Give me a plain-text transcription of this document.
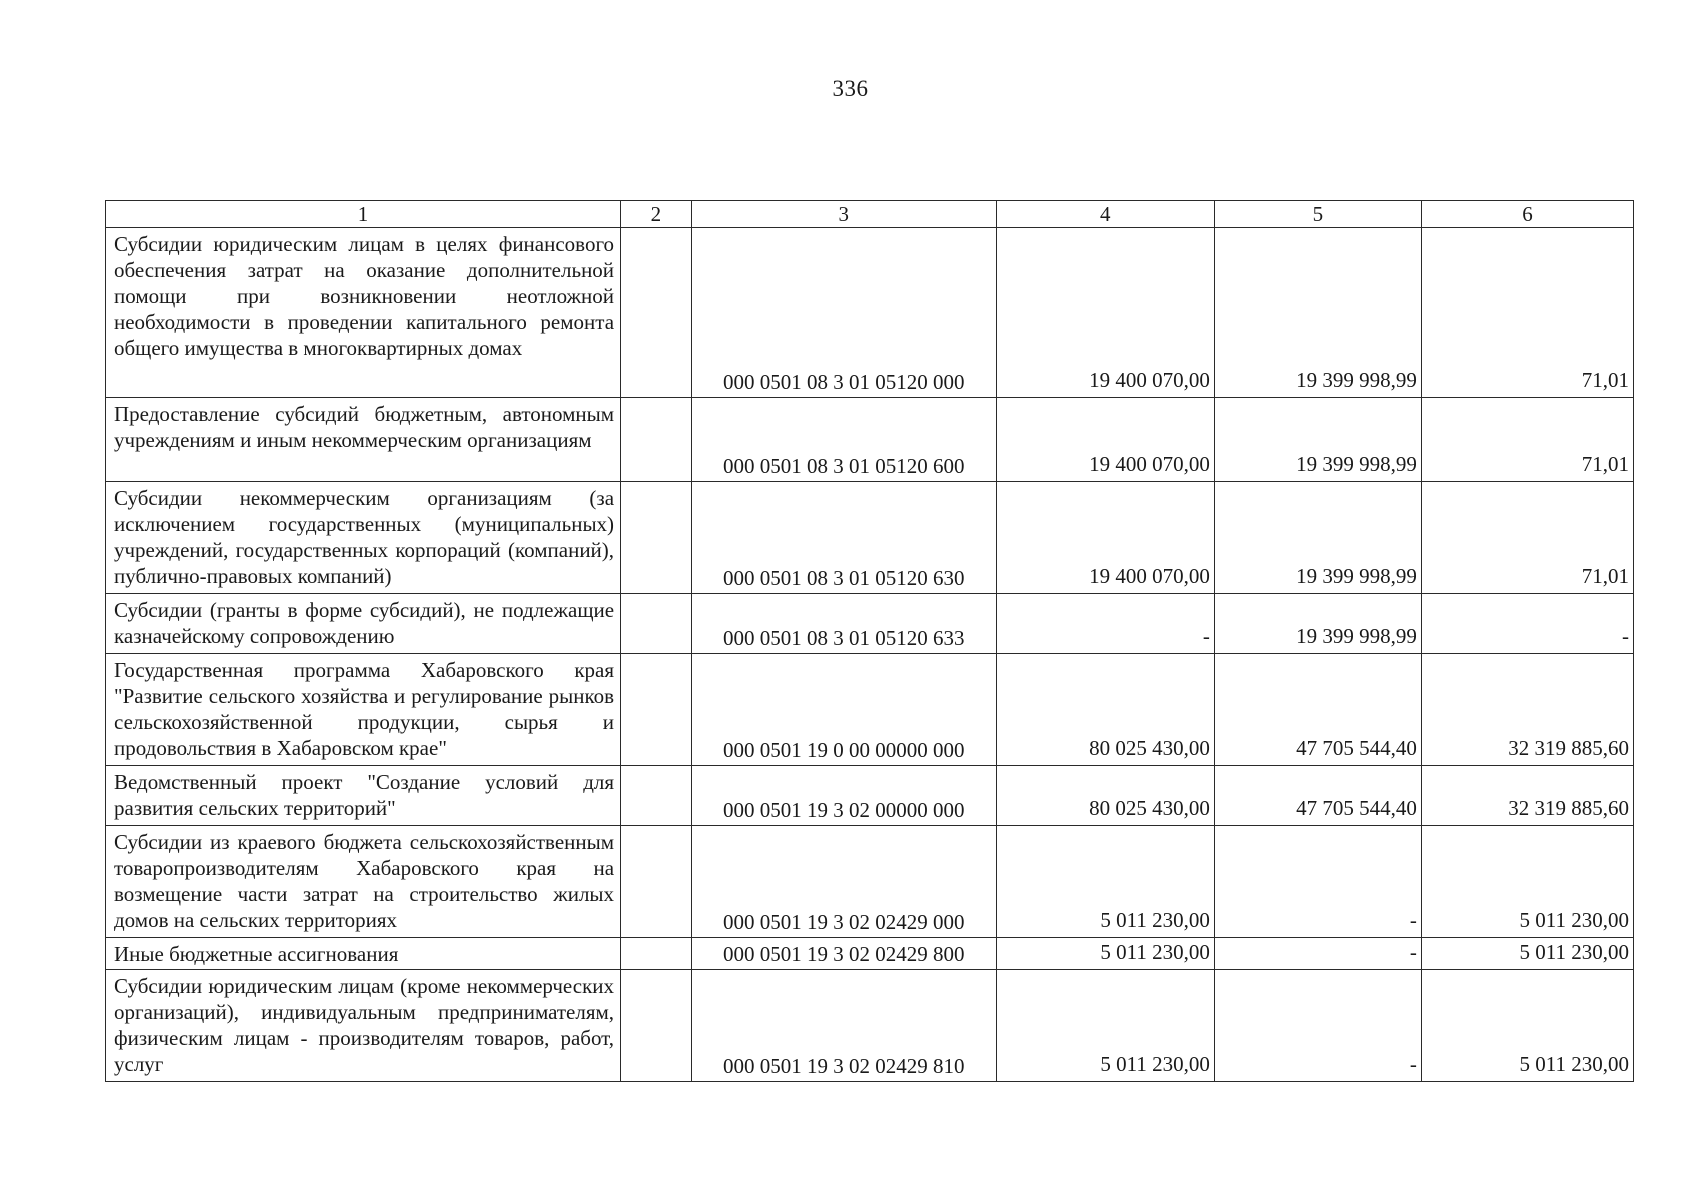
336
1	2	3	4	5	6
Субсидии юридическим лицам в целях финансового обеспечения затрат на оказание дополнительной помощи при возникновении неотложной необходимости в проведении капитального ремонта общего имущества в многоквартирных домах		000 0501 08 3 01 05120 000	19 400 070,00	19 399 998,99	71,01
Предоставление субсидий бюджетным, автономным учреждениям и иным некоммерческим организациям		000 0501 08 3 01 05120 600	19 400 070,00	19 399 998,99	71,01
Субсидии некоммерческим организациям (за исключением государственных (муниципальных) учреждений, государственных корпораций (компаний), публично-правовых компаний)		000 0501 08 3 01 05120 630	19 400 070,00	19 399 998,99	71,01
Субсидии (гранты в форме субсидий), не подлежащие казначейскому сопровождению		000 0501 08 3 01 05120 633	-	19 399 998,99	-
Государственная программа Хабаровского края "Развитие сельского хозяйства и регулирование рынков сельскохозяйственной продукции, сырья и продовольствия в Хабаровском крае"		000 0501 19 0 00 00000 000	80 025 430,00	47 705 544,40	32 319 885,60
Ведомственный проект "Создание условий для развития сельских территорий"		000 0501 19 3 02 00000 000	80 025 430,00	47 705 544,40	32 319 885,60
Субсидии из краевого бюджета сельскохозяйственным товаропроизводителям Хабаровского края на возмещение части затрат на строительство жилых домов на сельских территориях		000 0501 19 3 02 02429 000	5 011 230,00	-	5 011 230,00
Иные бюджетные ассигнования		000 0501 19 3 02 02429 800	5 011 230,00	-	5 011 230,00
Субсидии юридическим лицам (кроме некоммерческих организаций), индивидуальным предпринимателям, физическим лицам - производителям товаров, работ, услуг		000 0501 19 3 02 02429 810	5 011 230,00	-	5 011 230,00
